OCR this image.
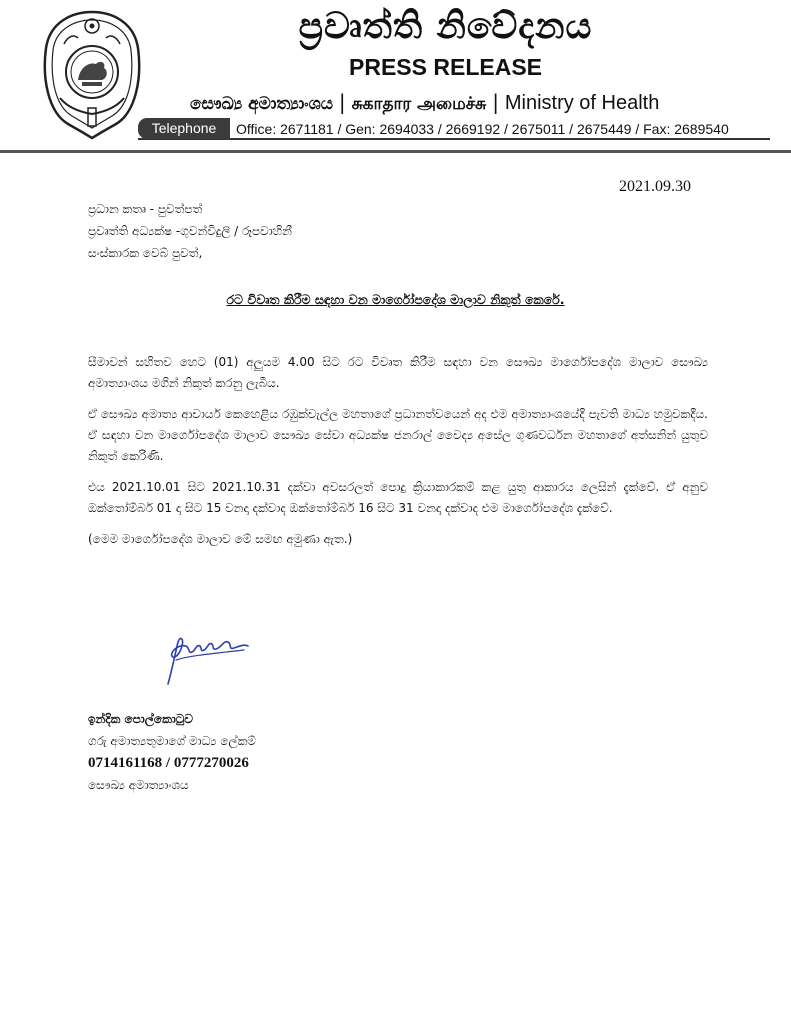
ප්‍රවෘත්ති නිවේදනය
PRESS RELEASE
සෞඛ්‍ය අමාත්‍යාංශය | சுகாதார அமைச்சு | Ministry of Health
Telephone	Office: 2671181 / Gen: 2694033 / 2669192 / 2675011 / 2675449 / Fax: 2689540
2021.09.30
ප්‍රධාන කතෘ - පුවත්පත්
ප්‍රවෘත්ති අධ්‍යක්ෂ -ගුවන්විදුලි / රූපවාහිනී
සංස්කාරක වෙබ් පුවත්,
රට විවෘත කිරීම සඳහා වන මාර්ගෝපදේශ මාලාව නිකුත් කෙරේ.

සීමාවන් සහිතව හෙට (01) අලුයම 4.00 සිට රට විවෘත කිරීම සඳහා වන සෞඛ්‍ය මාර්ගෝපදේශ මාලාව සෞඛ්‍ය අමාත්‍යාංශය මගින් නිකුත් කරනු ලැබීය.

ඒ සෞඛ්‍ය අමාත්‍ය ආචාර්ය කෙහෙළිය රඹුක්වැල්ල මහතාගේ ප්‍රධානත්වයෙන් අද එම අමාත්‍යාංශයේදී පැවති මාධ්‍ය හමුවකදීය. ඒ සඳහා වන මාර්ගෝපදේශ මාලාව සෞඛ්‍ය සේවා අධ්‍යක්ෂ ජනරාල් වෛද්‍ය අසේල ගුණවර්ධන මහතාගේ අත්සනින් යුතුව නිකුත් කෙරිණි.

එය 2021.10.01 සිට 2021.10.31 දක්වා අවසරලත් පොදු ක්‍රියාකාරකම් කළ යුතු ආකාරය ලෙසින් දැක්වේ. ඒ අනුව ඔක්තෝම්බර් 01 දා සිට 15 වනදා දක්වාද ඔක්තෝම්බර් 16 සිට 31 වනදා දක්වාද එම මාර්ගෝපදේශ දැක්වේ.

(මෙම මාර්ගෝපදේශ මාලාව මේ සමඟ අමුණා ඇත.)

ඉන්දික පොල්කොටුව
ගරු අමාත්‍යතුමාගේ මාධ්‍ය ලේකම්
0714161168 / 0777270026
සෞඛ්‍ය අමාත්‍යාංශය
